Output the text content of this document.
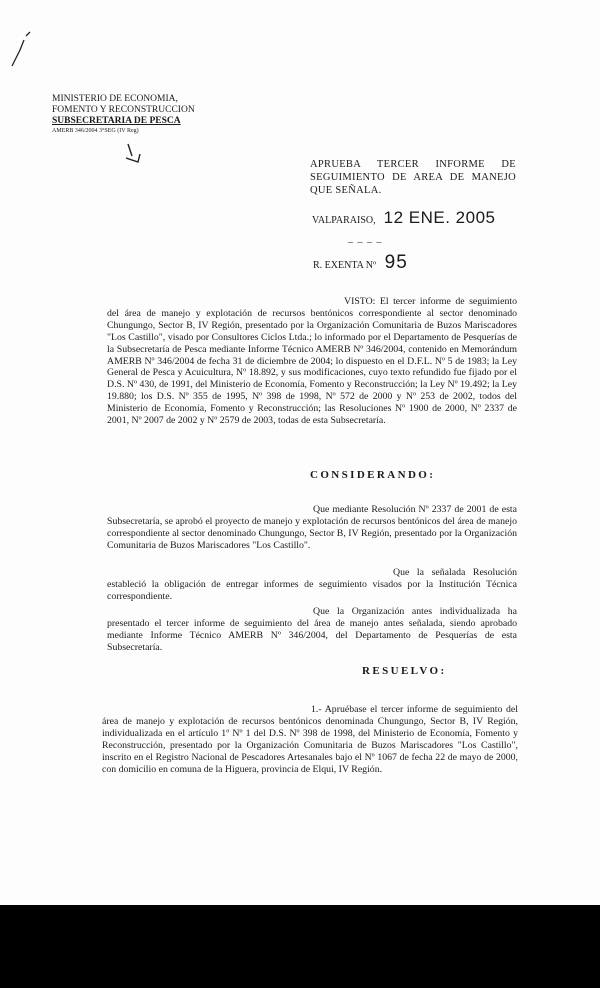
MINISTERIO DE ECONOMIA,
FOMENTO Y RECONSTRUCCION
SUBSECRETARIA DE PESCA
AMERB 346/2004 3°SEG (IV Reg)
APRUEBA TERCER INFORME DE SEGUIMIENTO DE AREA DE MANEJO QUE SEÑALA.
VALPARAISO, 12 ENE. 2005
– – – –
R. EXENTA Nº 95
VISTO: El tercer informe de seguimiento del área de manejo y explotación de recursos bentónicos correspondiente al sector denominado Chungungo, Sector B, IV Región, presentado por la Organización Comunitaria de Buzos Mariscadores "Los Castillo", visado por Consultores Ciclos Ltda.; lo informado por el Departamento de Pesquerías de la Subsecretaría de Pesca mediante Informe Técnico AMERB Nº 346/2004, contenido en Memorándum AMERB Nº 346/2004 de fecha 31 de diciembre de 2004; lo dispuesto en el D.F.L. Nº 5 de 1983; la Ley General de Pesca y Acuicultura, Nº 18.892, y sus modificaciones, cuyo texto refundido fue fijado por el D.S. Nº 430, de 1991, del Ministerio de Economía, Fomento y Reconstrucción; la Ley Nº 19.492; la Ley 19.880; los D.S. Nº 355 de 1995, Nº 398 de 1998, Nº 572 de 2000 y Nº 253 de 2002, todos del Ministerio de Economía, Fomento y Reconstrucción; las Resoluciones Nº 1900 de 2000, Nº 2337 de 2001, Nº 2007 de 2002 y Nº 2579 de 2003, todas de esta Subsecretaría.
CONSIDERANDO:
Que mediante Resolución Nº 2337 de 2001 de esta Subsecretaría, se aprobó el proyecto de manejo y explotación de recursos bentónicos del área de manejo correspondiente al sector denominado Chungungo, Sector B, IV Región, presentado por la Organización Comunitaria de Buzos Mariscadores "Los Castillo".
Que la señalada Resolución estableció la obligación de entregar informes de seguimiento visados por la Institución Técnica correspondiente.
Que la Organización antes individualizada ha presentado el tercer informe de seguimiento del área de manejo antes señalada, siendo aprobado mediante Informe Técnico AMERB Nº 346/2004, del Departamento de Pesquerías de esta Subsecretaría.
RESUELVO:
1.- Apruébase el tercer informe de seguimiento del área de manejo y explotación de recursos bentónicos denominada Chungungo, Sector B, IV Región, individualizada en el artículo 1º Nº 1 del D.S. Nº 398 de 1998, del Ministerio de Economía, Fomento y Reconstrucción, presentado por la Organización Comunitaria de Buzos Mariscadores "Los Castillo", inscrito en el Registro Nacional de Pescadores Artesanales bajo el Nº 1067 de fecha 22 de mayo de 2000, con domicilio en comuna de la Higuera, provincia de Elqui, IV Región.
